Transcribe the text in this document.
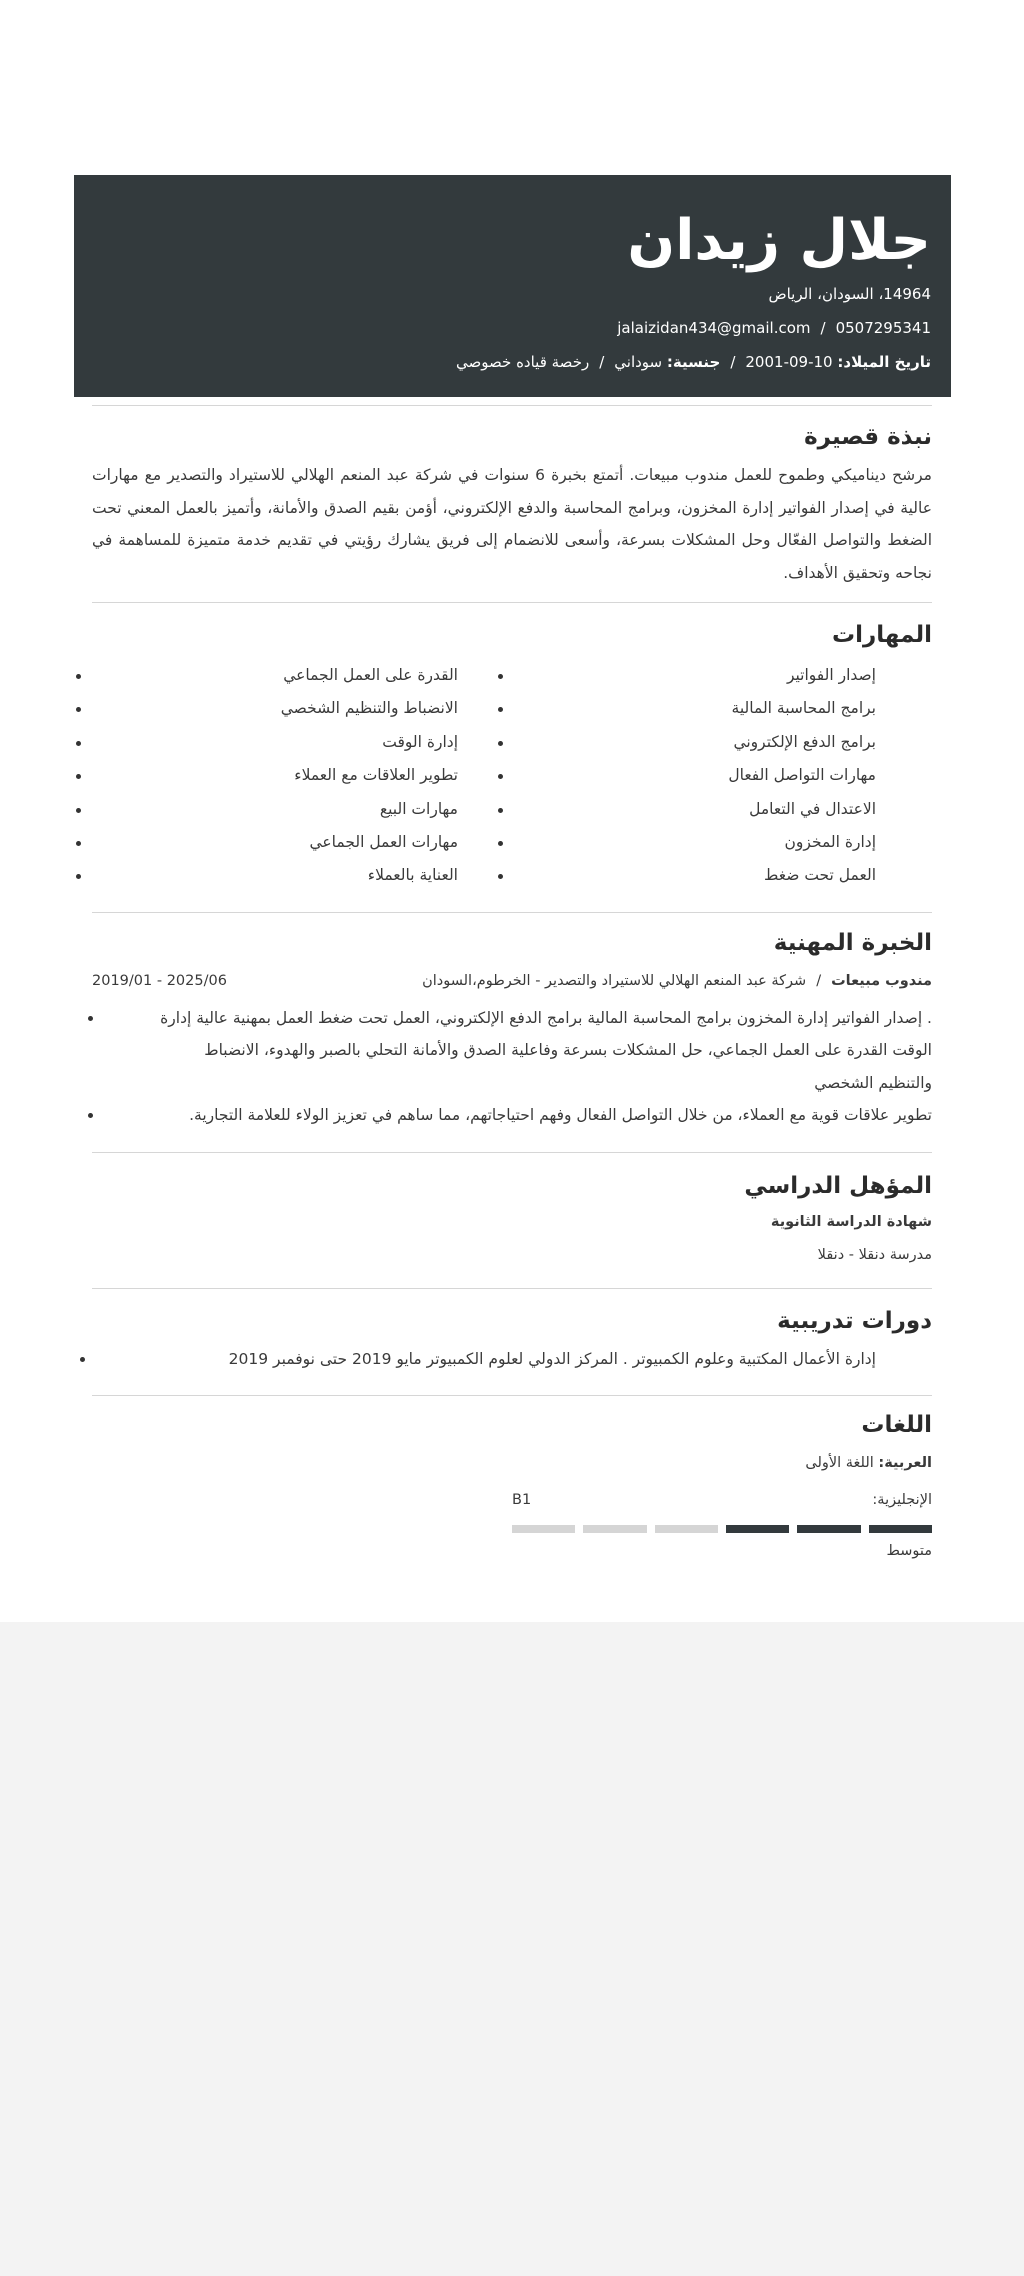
جلال زيدان
14964، السودان، الرياض
0507295341/jalaizidan434@gmail.com
تاريخ الميلاد: 10-09-2001/جنسية: سوداني/رخصة قياده خصوصي
نبذة قصيرة
مرشح ديناميكي وطموح للعمل مندوب مبيعات. أتمتع بخبرة 6 سنوات في شركة عبد المنعم الهلالي للاستيراد والتصدير مع مهارات عالية في إصدار الفواتير إدارة المخزون، وبرامج المحاسبة والدفع الإلكتروني، أؤمن بقيم الصدق والأمانة، وأتميز بالعمل المعني تحت الضغط والتواصل الفعّال وحل المشكلات بسرعة، وأسعى للانضمام إلى فريق يشارك رؤيتي في تقديم خدمة متميزة للمساهمة في نجاحه وتحقيق الأهداف.
المهارات
إصدار الفواتير
برامج المحاسبة المالية
برامج الدفع الإلكتروني
مهارات التواصل الفعال
الاعتدال في التعامل
إدارة المخزون
العمل تحت ضغط
القدرة على العمل الجماعي
الانضباط والتنظيم الشخصي
إدارة الوقت
تطوير العلاقات مع العملاء
مهارات البيع
مهارات العمل الجماعي
العناية بالعملاء
الخبرة المهنية
مندوب مبيعات/شركة عبد المنعم الهلالي للاستيراد والتصدير - الخرطوم،السودان
2019/01 - 2025/06
. إصدار الفواتير إدارة المخزون برامج المحاسبة المالية برامج الدفع الإلكتروني، العمل تحت ضغط العمل بمهنية عالية إدارة الوقت القدرة على العمل الجماعي، حل المشكلات بسرعة وفاعلية الصدق والأمانة التحلي بالصبر والهدوء، الانضباط والتنظيم الشخصي
تطوير علاقات قوية مع العملاء، من خلال التواصل الفعال وفهم احتياجاتهم، مما ساهم في تعزيز الولاء للعلامة التجارية.
المؤهل الدراسي
شهادة الدراسة الثانوية
مدرسة دنقلا - دنقلا
دورات تدريبية
إدارة الأعمال المكتبية وعلوم الكمبيوتر . المركز الدولي لعلوم الكمبيوتر مايو 2019 حتى نوفمبر 2019
اللغات
العربية: اللغة الأولى
الإنجليزية:
B1
متوسط
